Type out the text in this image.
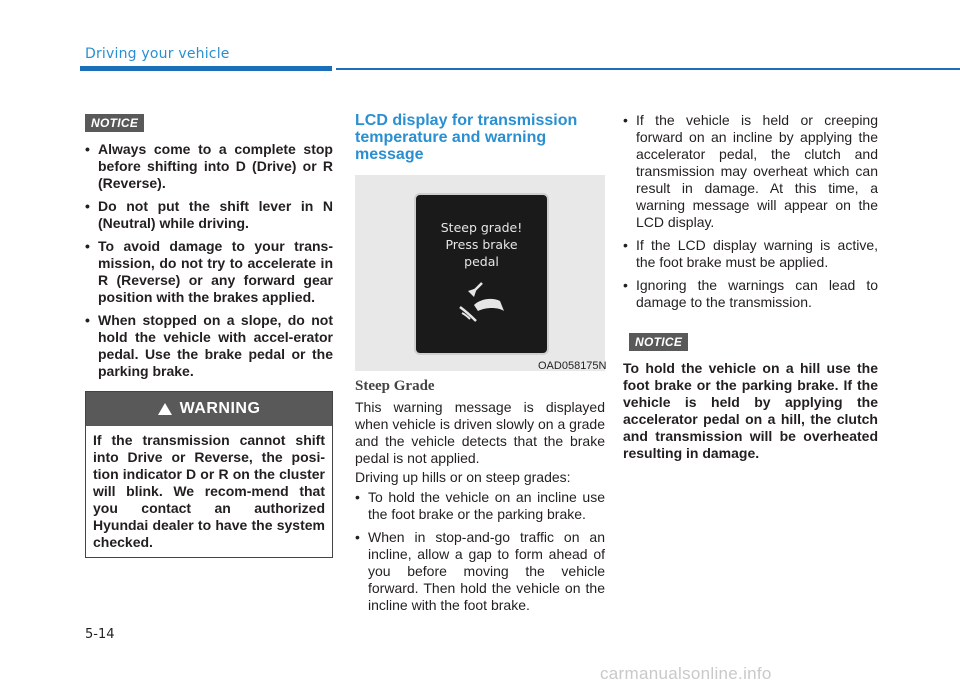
Driving your vehicle
NOTICE
• Always come to a complete stop before shifting into D (Drive) or R (Reverse).
• Do not put the shift lever in N (Neutral) while driving.
• To avoid damage to your trans-mission, do not try to accelerate in R (Reverse) or any forward gear position with the brakes applied.
• When stopped on a slope, do not hold the vehicle with accel-erator pedal. Use the brake pedal or the parking brake.
WARNING
If the transmission cannot shift into Drive or Reverse, the posi-tion indicator D or R on the cluster will blink. We recom-mend that you contact an authorized Hyundai dealer to have the system checked.
LCD display for transmission temperature and warning message
Steep grade!
Press brake
pedal
OAD058175N
Steep Grade

This warning message is displayed when vehicle is driven slowly on a grade and the vehicle detects that the brake pedal is not applied.

Driving up hills or on steep grades:

• To hold the vehicle on an incline use the foot brake or the parking brake.
• When in stop-and-go traffic on an incline, allow a gap to form ahead of you before moving the vehicle forward. Then hold the vehicle on the incline with the foot brake.
• If the vehicle is held or creeping forward on an incline by applying the accelerator pedal, the clutch and transmission may overheat which can result in damage. At this time, a warning message will appear on the LCD display.
• If the LCD display warning is active, the foot brake must be applied.
• Ignoring the warnings can lead to damage to the transmission.
NOTICE
To hold the vehicle on a hill use the foot brake or the parking brake. If the vehicle is held by applying the accelerator pedal on a hill, the clutch and transmission will be overheated resulting in damage.
5-14
carmanualsonline.info
